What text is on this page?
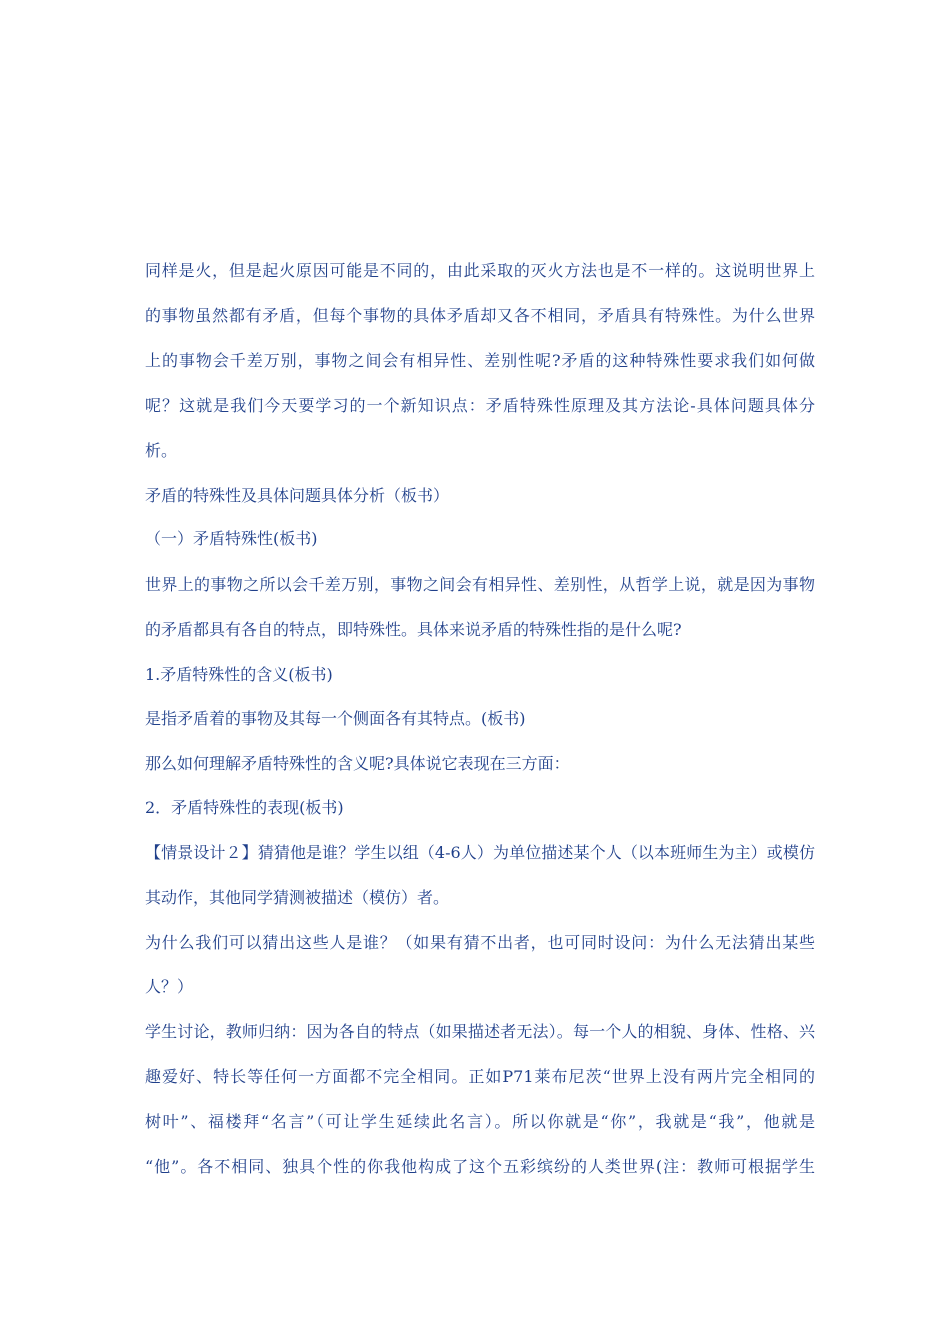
同样是火，但是起火原因可能是不同的，由此采取的灭火方法也是不一样的。这说明世界上
的事物虽然都有矛盾，但每个事物的具体矛盾却又各不相同，矛盾具有特殊性。为什么世界
上的事物会千差万别，事物之间会有相异性、差别性呢?矛盾的这种特殊性要求我们如何做
呢？这就是我们今天要学习的一个新知识点：矛盾特殊性原理及其方法论-具体问题具体分
析。
矛盾的特殊性及具体问题具体分析（板书）
（一）矛盾特殊性(板书)
世界上的事物之所以会千差万别，事物之间会有相异性、差别性，从哲学上说，就是因为事物
的矛盾都具有各自的特点，即特殊性。具体来说矛盾的特殊性指的是什么呢?
1.矛盾特殊性的含义(板书)
是指矛盾着的事物及其每一个侧面各有其特点。(板书)
那么如何理解矛盾特殊性的含义呢?具体说它表现在三方面：
2．矛盾特殊性的表现(板书)
【情景设计２】猜猜他是谁？学生以组（4-6人）为单位描述某个人（以本班师生为主）或模仿
其动作，其他同学猜测被描述（模仿）者。
为什么我们可以猜出这些人是谁？（如果有猜不出者，也可同时设问：为什么无法猜出某些
人？）
学生讨论，教师归纳：因为各自的特点（如果描述者无法）。每一个人的相貌、身体、性格、兴
趣爱好、特长等任何一方面都不完全相同。正如P71莱布尼茨“世界上没有两片完全相同的
树叶”、福楼拜“名言”（可让学生延续此名言）。所以你就是“你”，我就是“我”，他就是
“他”。各不相同、独具个性的你我他构成了这个五彩缤纷的人类世界(注：教师可根据学生
